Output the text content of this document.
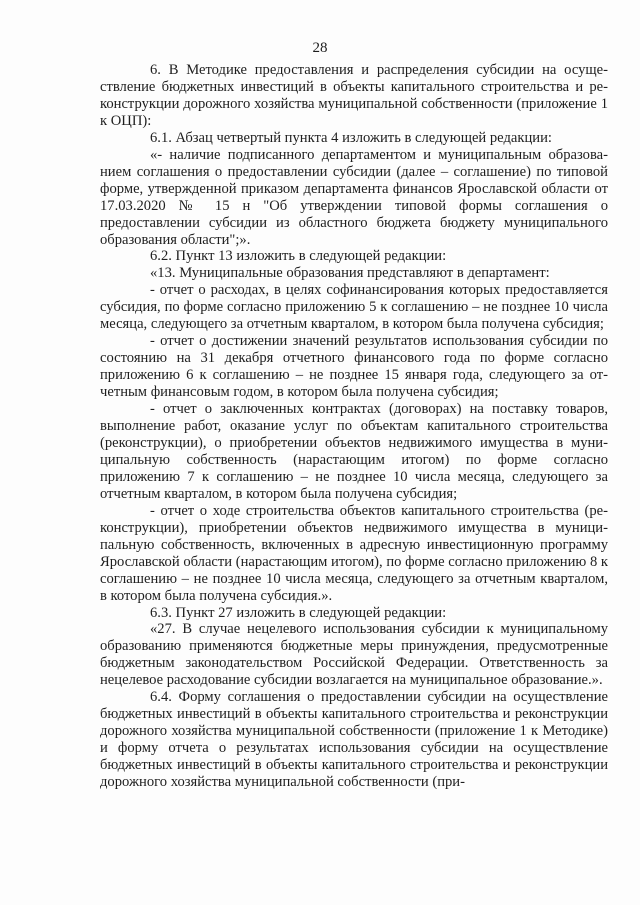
28

6. В Методике предоставления и распределения субсидии на осуществление бюджетных инвестиций в объекты капитального строительства и реконструкции дорожного хозяйства муниципальной собственности (приложение 1 к ОЦП):

6.1. Абзац четвертый пункта 4 изложить в следующей редакции:

«- наличие подписанного департаментом и муниципальным образованием соглашения о предоставлении субсидии (далее – соглашение) по типовой форме, утвержденной приказом департамента финансов Ярославской области от 17.03.2020 № 15 н "Об утверждении типовой формы соглашения о предоставлении субсидии из областного бюджета бюджету муниципального образования области";».

6.2. Пункт 13 изложить в следующей редакции:

«13. Муниципальные образования представляют в департамент:

- отчет о расходах, в целях софинансирования которых предоставляется субсидия, по форме согласно приложению 5 к соглашению – не позднее 10 числа месяца, следующего за отчетным кварталом, в котором была получена субсидия;

- отчет о достижении значений результатов использования субсидии по состоянию на 31 декабря отчетного финансового года по форме согласно приложению 6 к соглашению – не позднее 15 января года, следующего за отчетным финансовым годом, в котором была получена субсидия;

- отчет о заключенных контрактах (договорах) на поставку товаров, выполнение работ, оказание услуг по объектам капитального строительства (реконструкции), о приобретении объектов недвижимого имущества в муниципальную собственность (нарастающим итогом) по форме согласно приложению 7 к соглашению – не позднее 10 числа месяца, следующего за отчетным кварталом, в котором была получена субсидия;

- отчет о ходе строительства объектов капитального строительства (реконструкции), приобретении объектов недвижимого имущества в муниципальную собственность, включенных в адресную инвестиционную программу Ярославской области (нарастающим итогом), по форме согласно приложению 8 к соглашению – не позднее 10 числа месяца, следующего за отчетным кварталом, в котором была получена субсидия.».

6.3. Пункт 27 изложить в следующей редакции:

«27. В случае нецелевого использования субсидии к муниципальному образованию применяются бюджетные меры принуждения, предусмотренные бюджетным законодательством Российской Федерации. Ответственность за нецелевое расходование субсидии возлагается на муниципальное образование.».

6.4. Форму соглашения о предоставлении субсидии на осуществление бюджетных инвестиций в объекты капитального строительства и реконструкции дорожного хозяйства муниципальной собственности (приложение 1 к Методике) и форму отчета о результатах использования субсидии на осуществление бюджетных инвестиций в объекты капитального строительства и реконструкции дорожного хозяйства муниципальной собственности (при-
